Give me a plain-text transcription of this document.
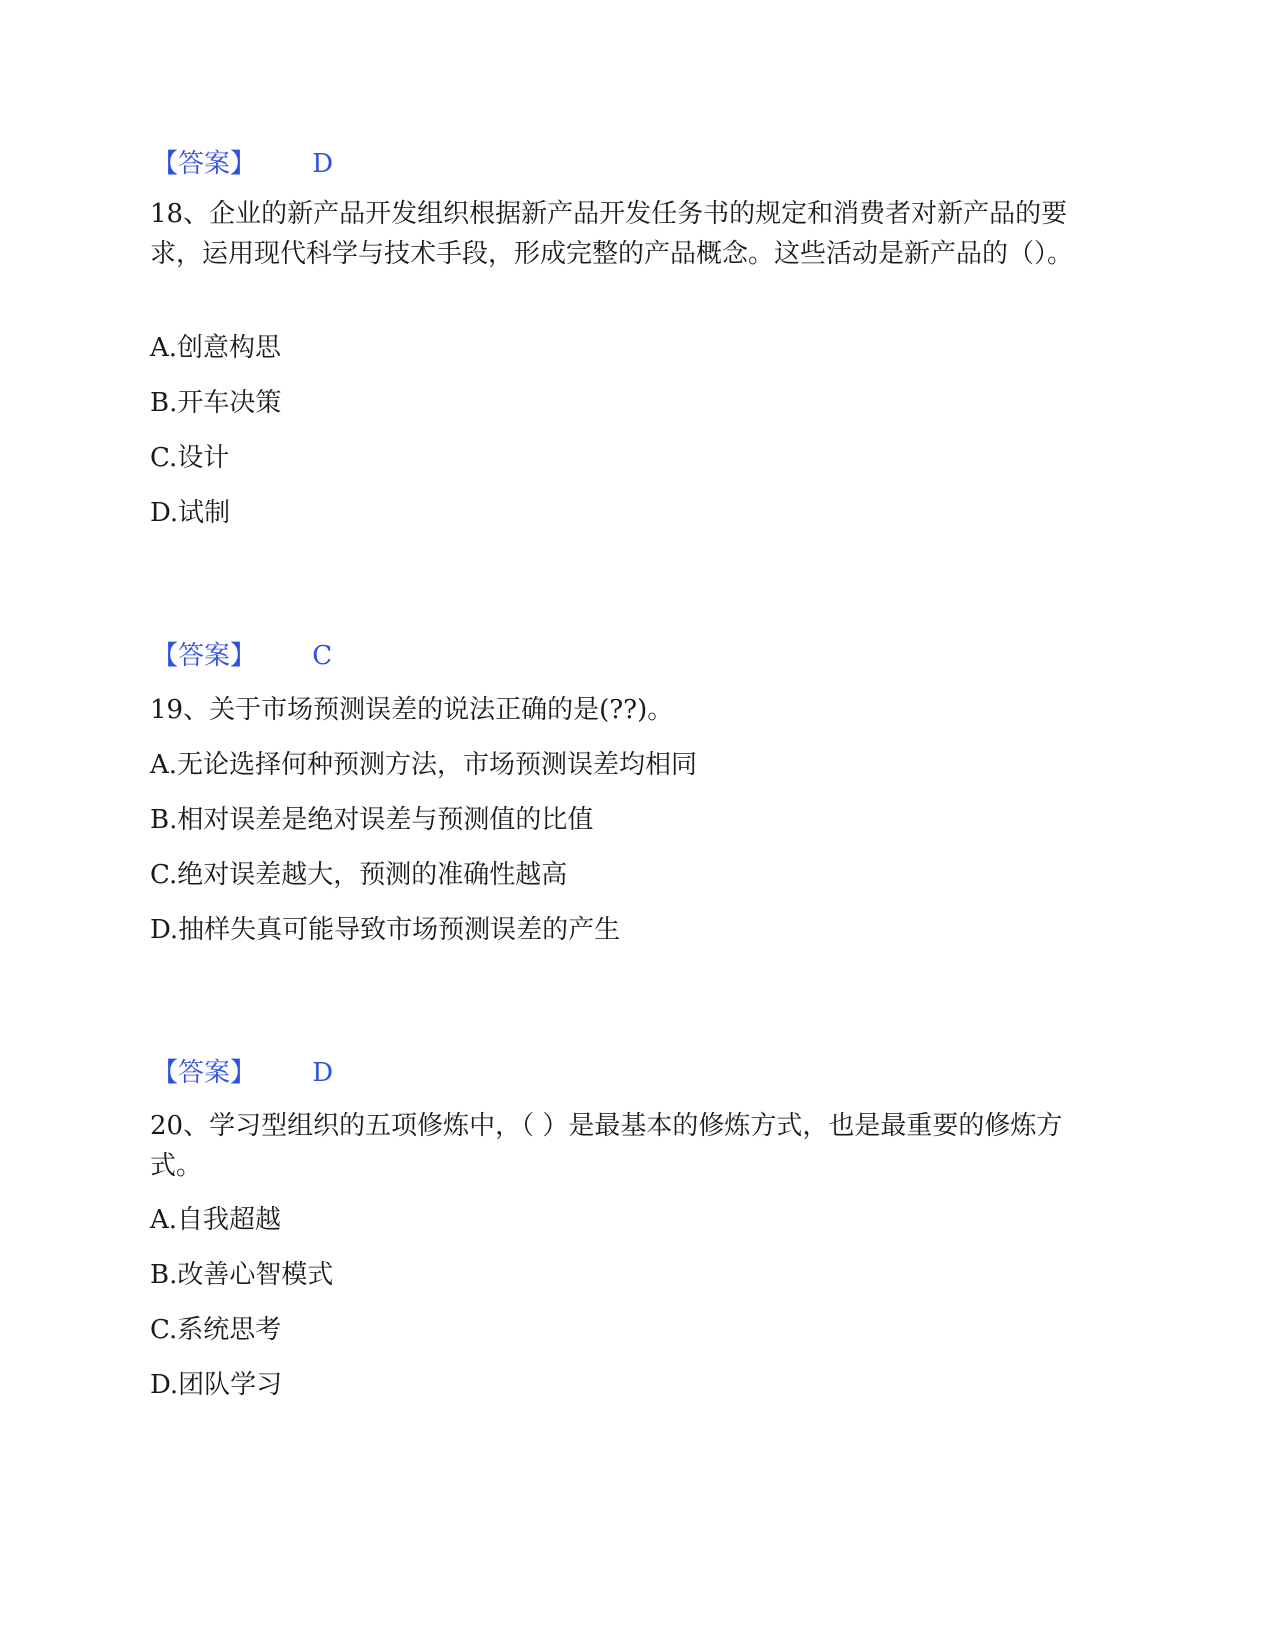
【答案】 D

18、企业的新产品开发组织根据新产品开发任务书的规定和消费者对新产品的要求，运用现代科学与技术手段，形成完整的产品概念。这些活动是新产品的（）。

A.创意构思
B.开车决策
C.设计
D.试制
【答案】 C

19、关于市场预测误差的说法正确的是(??)。

A.无论选择何种预测方法，市场预测误差均相同
B.相对误差是绝对误差与预测值的比值
C.绝对误差越大，预测的准确性越高
D.抽样失真可能导致市场预测误差的产生
【答案】 D

20、学习型组织的五项修炼中，（ ）是最基本的修炼方式，也是最重要的修炼方式。

A.自我超越
B.改善心智模式
C.系统思考
D.团队学习
